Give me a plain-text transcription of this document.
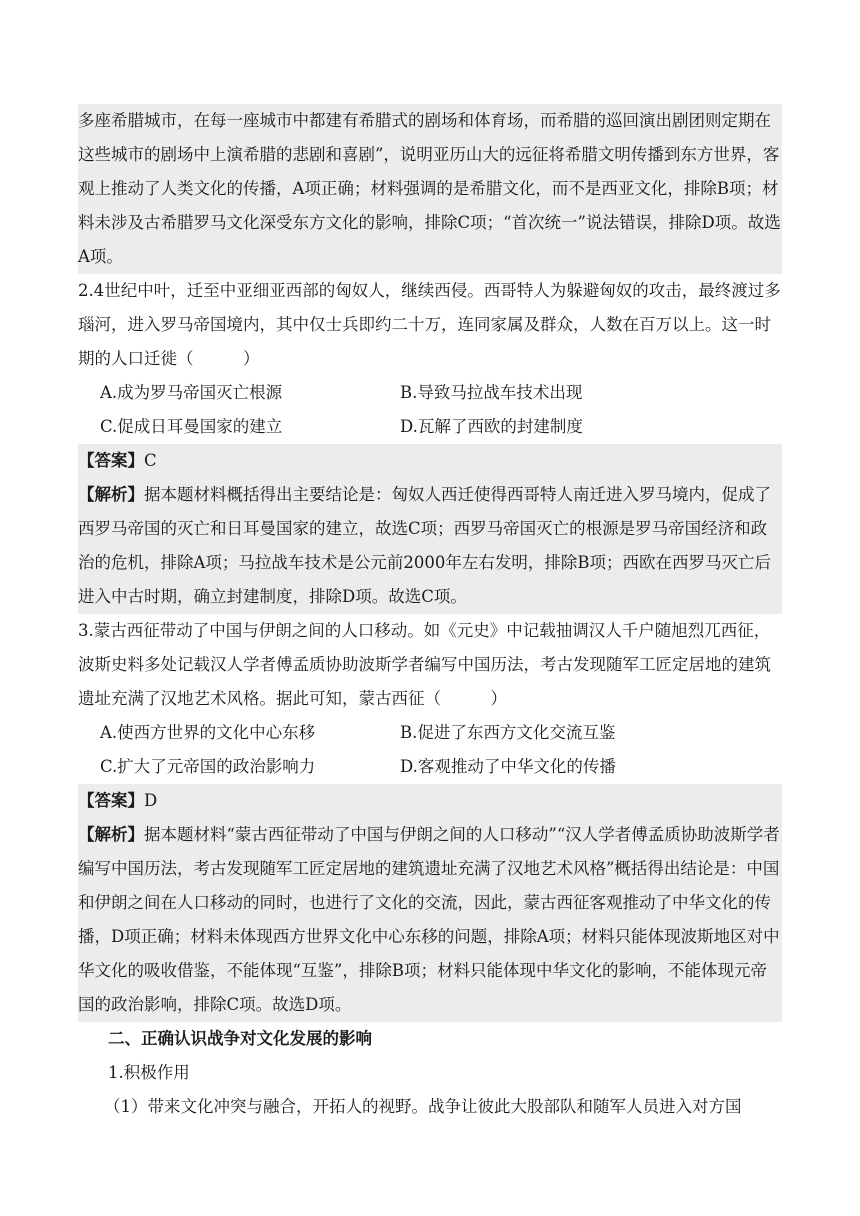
多座希腊城市，在每一座城市中都建有希腊式的剧场和体育场，而希腊的巡回演出剧团则定期在这些城市的剧场中上演希腊的悲剧和喜剧”，说明亚历山大的远征将希腊文明传播到东方世界，客观上推动了人类文化的传播，A项正确；材料强调的是希腊文化，而不是西亚文化，排除B项；材料未涉及古希腊罗马文化深受东方文化的影响，排除C项；“首次统一”说法错误，排除D项。故选A项。

2.4世纪中叶，迁至中亚细亚西部的匈奴人，继续西侵。西哥特人为躲避匈奴的攻击，最终渡过多瑙河，进入罗马帝国境内，其中仅士兵即约二十万，连同家属及群众，人数在百万以上。这一时期的人口迁徙（　　　）

A.成为罗马帝国灭亡根源	B.导致马拉战车技术出现
C.促成日耳曼国家的建立	D.瓦解了西欧的封建制度

【答案】C

【解析】据本题材料概括得出主要结论是：匈奴人西迁使得西哥特人南迁进入罗马境内，促成了西罗马帝国的灭亡和日耳曼国家的建立，故选C项；西罗马帝国灭亡的根源是罗马帝国经济和政治的危机，排除A项；马拉战车技术是公元前2000年左右发明，排除B项；西欧在西罗马灭亡后进入中古时期，确立封建制度，排除D项。故选C项。

3.蒙古西征带动了中国与伊朗之间的人口移动。如《元史》中记载抽调汉人千户随旭烈兀西征，波斯史料多处记载汉人学者傅孟质协助波斯学者编写中国历法，考古发现随军工匠定居地的建筑遗址充满了汉地艺术风格。据此可知，蒙古西征（　　　）

A.使西方世界的文化中心东移	B.促进了东西方文化交流互鉴
C.扩大了元帝国的政治影响力	D.客观推动了中华文化的传播

【答案】D

【解析】据本题材料“蒙古西征带动了中国与伊朗之间的人口移动”“汉人学者傅孟质协助波斯学者编写中国历法，考古发现随军工匠定居地的建筑遗址充满了汉地艺术风格”概括得出结论是：中国和伊朗之间在人口移动的同时，也进行了文化的交流，因此，蒙古西征客观推动了中华文化的传播，D项正确；材料未体现西方世界文化中心东移的问题，排除A项；材料只能体现波斯地区对中华文化的吸收借鉴，不能体现“互鉴”，排除B项；材料只能体现中华文化的影响，不能体现元帝国的政治影响，排除C项。故选D项。

二、正确认识战争对文化发展的影响

1.积极作用

（1）带来文化冲突与融合，开拓人的视野。战争让彼此大股部队和随军人员进入对方国
